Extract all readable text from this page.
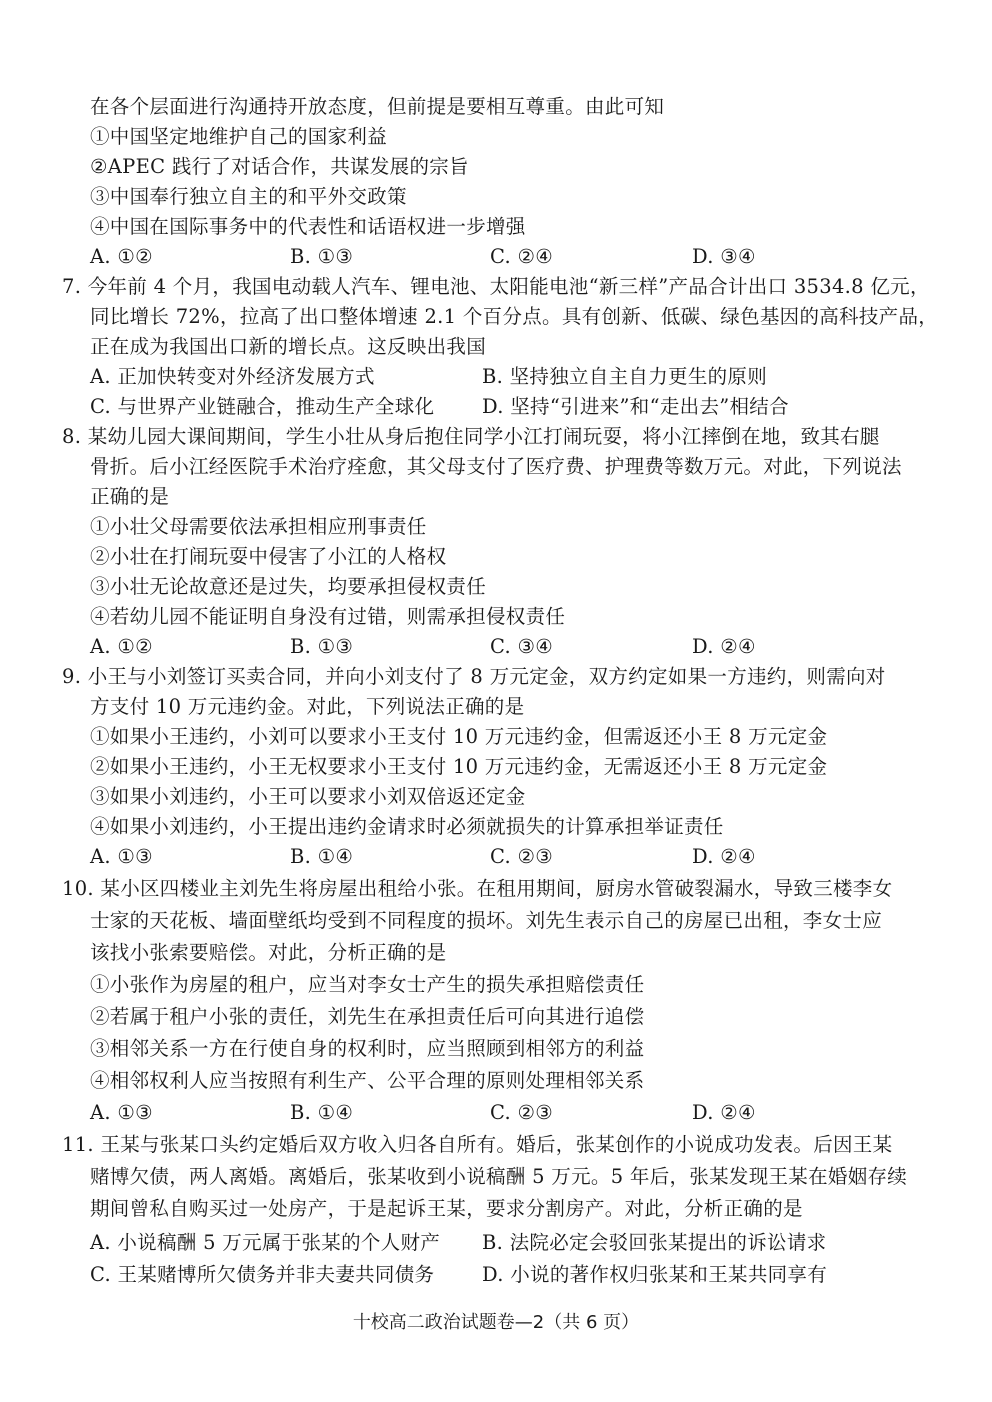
在各个层面进行沟通持开放态度，但前提是要相互尊重。由此可知
①中国坚定地维护自己的国家利益
②APEC 践行了对话合作，共谋发展的宗旨
③中国奉行独立自主的和平外交政策
④中国在国际事务中的代表性和话语权进一步增强
A. ①②	B. ①③	C. ②④	D. ③④
7. 今年前 4 个月，我国电动载人汽车、锂电池、太阳能电池“新三样”产品合计出口 3534.8 亿元，
同比增长 72%，拉高了出口整体增速 2.1 个百分点。具有创新、低碳、绿色基因的高科技产品，
正在成为我国出口新的增长点。这反映出我国
A. 正加快转变对外经济发展方式	B. 坚持独立自主自力更生的原则
C. 与世界产业链融合，推动生产全球化 D. 坚持“引进来”和“走出去”相结合
8. 某幼儿园大课间期间，学生小壮从身后抱住同学小江打闹玩耍，将小江摔倒在地，致其右腿
骨折。后小江经医院手术治疗痊愈，其父母支付了医疗费、护理费等数万元。对此，下列说法
正确的是
①小壮父母需要依法承担相应刑事责任
②小壮在打闹玩耍中侵害了小江的人格权
③小壮无论故意还是过失，均要承担侵权责任
④若幼儿园不能证明自身没有过错，则需承担侵权责任
A. ①②	B. ①③	C. ③④	D. ②④
9. 小王与小刘签订买卖合同，并向小刘支付了 8 万元定金，双方约定如果一方违约，则需向对
方支付 10 万元违约金。对此，下列说法正确的是
①如果小王违约，小刘可以要求小王支付 10 万元违约金，但需返还小王 8 万元定金
②如果小王违约，小王无权要求小王支付 10 万元违约金，无需返还小王 8 万元定金
③如果小刘违约，小王可以要求小刘双倍返还定金
④如果小刘违约，小王提出违约金请求时必须就损失的计算承担举证责任
A. ①③	B. ①④	C. ②③	D. ②④
10. 某小区四楼业主刘先生将房屋出租给小张。在租用期间，厨房水管破裂漏水，导致三楼李女
士家的天花板、墙面壁纸均受到不同程度的损坏。刘先生表示自己的房屋已出租，李女士应
该找小张索要赔偿。对此，分析正确的是
①小张作为房屋的租户，应当对李女士产生的损失承担赔偿责任
②若属于租户小张的责任，刘先生在承担责任后可向其进行追偿
③相邻关系一方在行使自身的权利时，应当照顾到相邻方的利益
④相邻权利人应当按照有利生产、公平合理的原则处理相邻关系
A. ①③	B. ①④	C. ②③	D. ②④
11. 王某与张某口头约定婚后双方收入归各自所有。婚后，张某创作的小说成功发表。后因王某
赌博欠债，两人离婚。离婚后，张某收到小说稿酬 5 万元。5 年后，张某发现王某在婚姻存续
期间曾私自购买过一处房产，于是起诉王某，要求分割房产。对此，分析正确的是
A. 小说稿酬 5 万元属于张某的个人财产 B. 法院必定会驳回张某提出的诉讼请求
C. 王某赌博所欠债务并非夫妻共同债务 D. 小说的著作权归张某和王某共同享有
十校高二政治试题卷—2（共 6 页）
